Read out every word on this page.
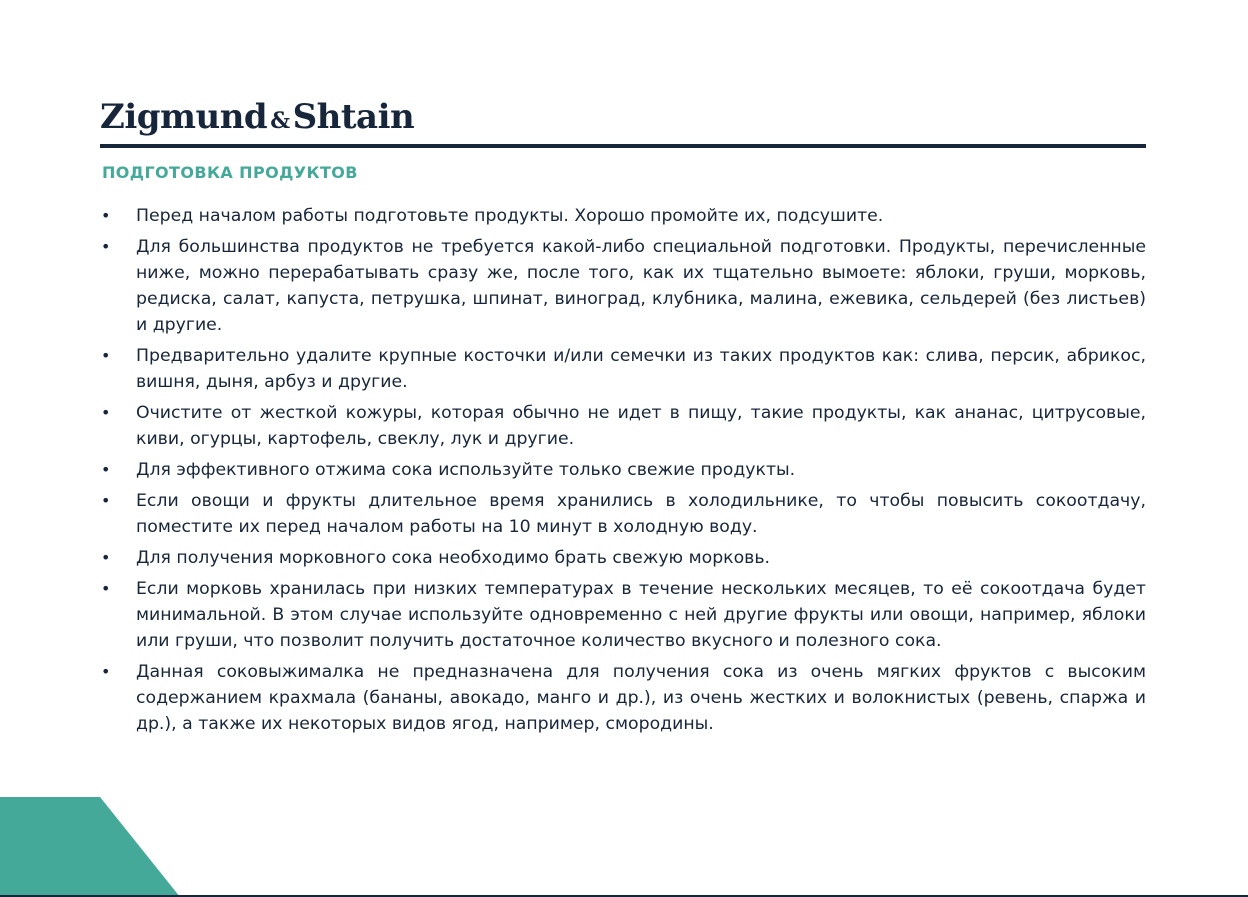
Zigmund &Shtain
ПОДГОТОВКА ПРОДУКТОВ
• Перед началом работы подготовьте продукты. Хорошо промойте их, подсушите.
• Для большинства продуктов не требуется какой-либо специальной подготовки. Продукты, перечисленные ниже, можно перерабатывать сразу же, после того, как их тщательно вымоете: яблоки, груши, морковь, редиска, салат, капуста, петрушка, шпинат, виноград, клубника, малина, ежевика, сельдерей (без листьев) и другие.
• Предварительно удалите крупные косточки и/или семечки из таких продуктов как: слива, персик, абрикос, вишня, дыня, арбуз и другие.
• Очистите от жесткой кожуры, которая обычно не идет в пищу, такие продукты, как ананас, цитрусовые, киви, огурцы, картофель, свеклу, лук и другие.
• Для эффективного отжима сока используйте только свежие продукты.
• Если овощи и фрукты длительное время хранились в холодильнике, то чтобы повысить сокоотдачу, поместите их перед началом работы на 10 минут в холодную воду.
• Для получения морковного сока необходимо брать свежую морковь.
• Если морковь хранилась при низких температурах в течение нескольких месяцев, то её сокоотдача будет минимальной. В этом случае используйте одновременно с ней другие фрукты или овощи, например, яблоки или груши, что позволит получить достаточное количество вкусного и полезного сока.
• Данная соковыжималка не предназначена для получения сока из очень мягких фруктов с высоким содержанием крахмала (бананы, авокадо, манго и др.), из очень жестких и волокнистых (ревень, спаржа и др.), а также их некоторых видов ягод, например, смородины.
